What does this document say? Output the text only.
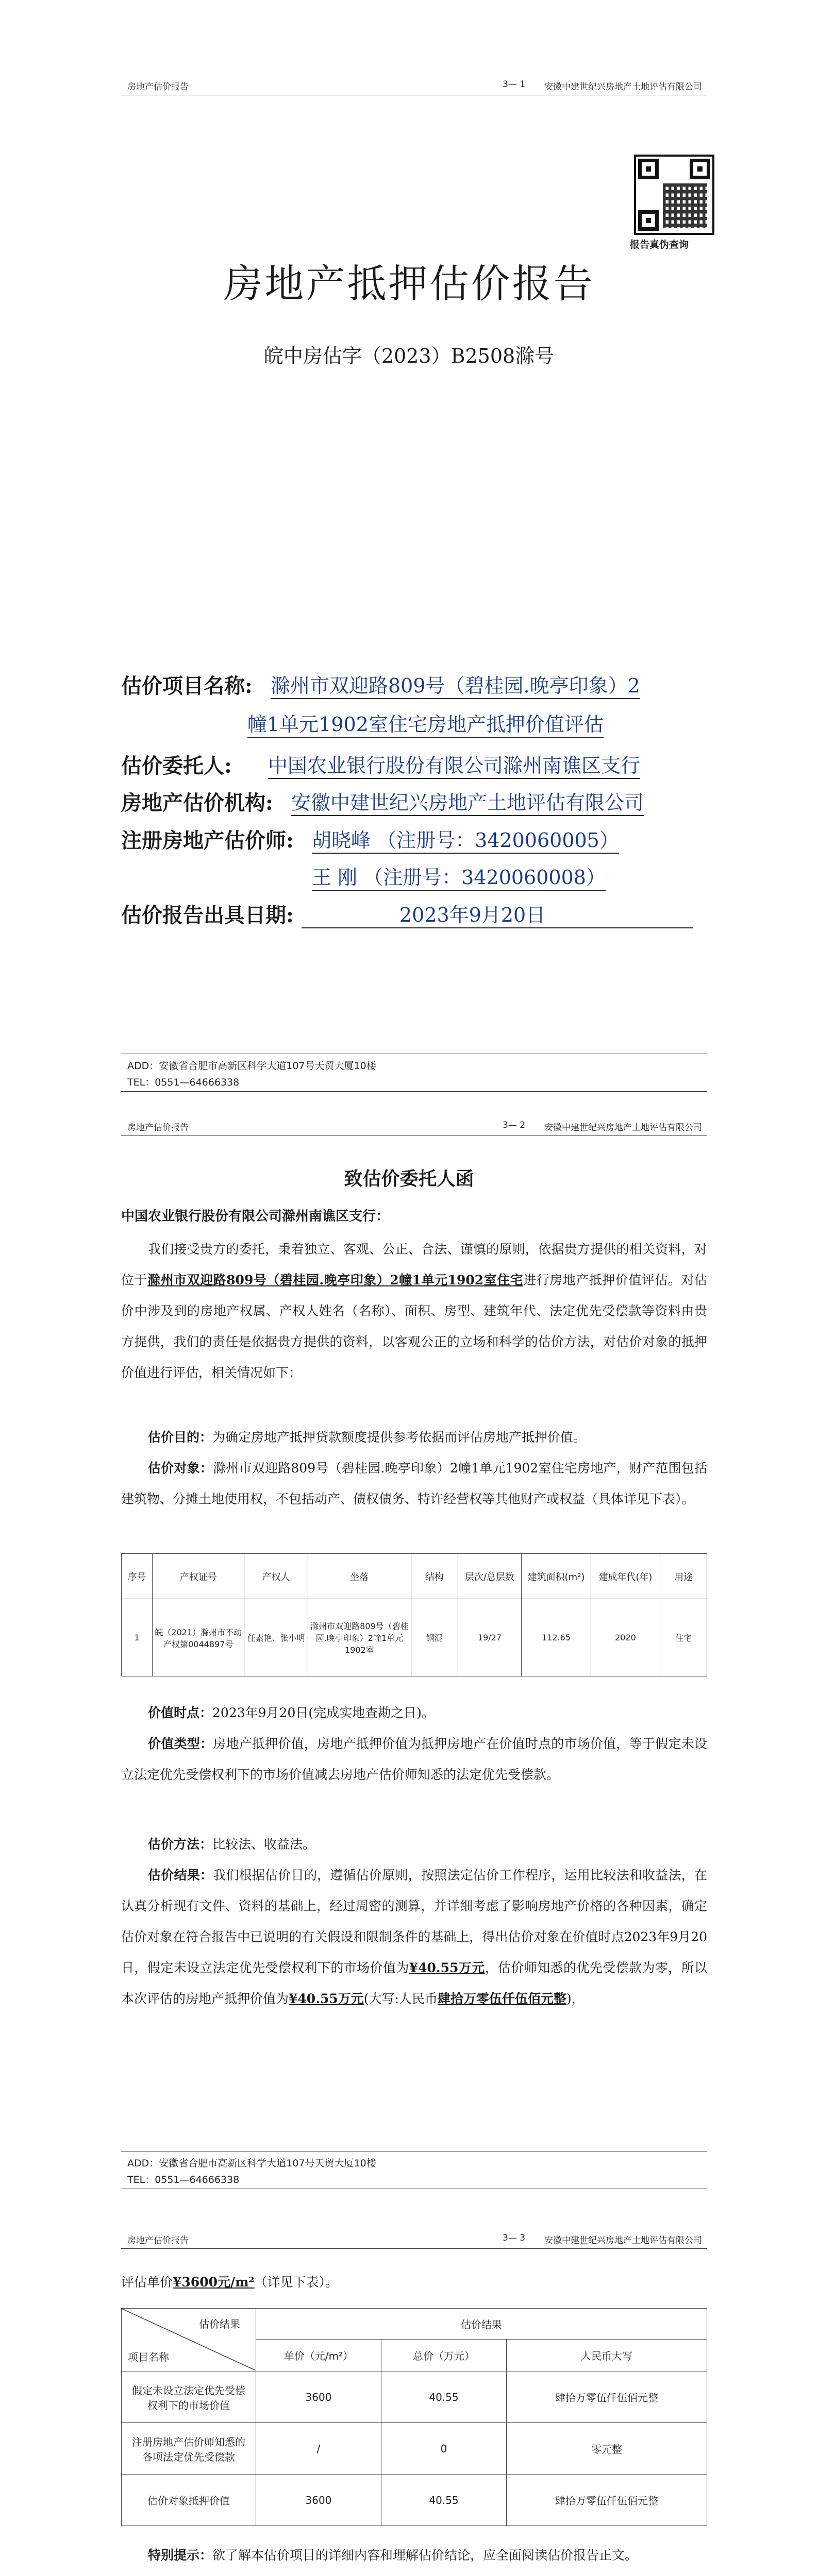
房地产估价报告	3— 1 安徽中建世纪兴房地产土地评估有限公司
报告真伪查询
房地产抵押估价报告
皖中房估字（2023）B2508滁号
估价项目名称: 滁州市双迎路809号（碧桂园.晚亭印象）2
幢1单元1902室住宅房地产抵押价值评估
估价委托人: 中国农业银行股份有限公司滁州南谯区支行
房地产估价机构: 安徽中建世纪兴房地产土地评估有限公司
注册房地产估价师: 胡晓峰 （注册号：3420060005）
王 刚 （注册号：3420060008）
估价报告出具日期:	2023年9月20日
ADD：安徽省合肥市高新区科学大道107号天贸大厦10楼
TEL：0551—64666338
房地产估价报告	3— 2 安徽中建世纪兴房地产土地评估有限公司
致估价委托人函
中国农业银行股份有限公司滁州南谯区支行：
我们接受贵方的委托，秉着独立、客观、公正、合法、谨慎的原则，依据贵方提供的相关资料，对位于滁州市双迎路809号（碧桂园.晚亭印象）2幢1单元1902室住宅进行房地产抵押价值评估。对估价中涉及到的房地产权属、产权人姓名（名称）、面积、房型、建筑年代、法定优先受偿款等资料由贵方提供，我们的责任是依据贵方提供的资料，以客观公正的立场和科学的估价方法，对估价对象的抵押价值进行评估，相关情况如下：
估价目的：为确定房地产抵押贷款额度提供参考依据而评估房地产抵押价值。
估价对象：滁州市双迎路809号（碧桂园.晚亭印象）2幢1单元1902室住宅房地产，财产范围包括建筑物、分摊土地使用权，不包括动产、债权债务、特许经营权等其他财产或权益（具体详见下表）。
序号	产权证号	产权人	坐落	结构	层次/总层数	建筑面积(m²)	建成年代(年)	用途
1	皖（2021）滁州市不动产权第0044897号	任素艳、张小明	滁州市双迎路809号（碧桂园.晚亭印象）2幢1单元1902室	钢混	19/27	112.65	2020	住宅
价值时点：2023年9月20日(完成实地查勘之日)。
价值类型：房地产抵押价值，房地产抵押价值为抵押房地产在价值时点的市场价值，等于假定未设立法定优先受偿权利下的市场价值减去房地产估价师知悉的法定优先受偿款。
估价方法：比较法、收益法。
估价结果：我们根据估价目的，遵循估价原则，按照法定估价工作程序，运用比较法和收益法，在认真分析现有文件、资料的基础上，经过周密的测算，并详细考虑了影响房地产价格的各种因素，确定估价对象在符合报告中已说明的有关假设和限制条件的基础上，得出估价对象在价值时点2023年9月20日，假定未设立法定优先受偿权利下的市场价值为¥40.55万元，估价师知悉的优先受偿款为零，所以本次评估的房地产抵押价值为¥40.55万元(大写:人民币肆拾万零伍仟伍佰元整)，
ADD：安徽省合肥市高新区科学大道107号天贸大厦10楼
TEL：0551—64666338
房地产估价报告	3— 3 安徽中建世纪兴房地产土地评估有限公司
评估单价¥3600元/m²（详见下表）。
估价结果
项目名称	估价结果		
	单价（元/m²）	总价（万元）	人民币大写
假定未设立法定优先受偿权利下的市场价值	3600	40.55	肆拾万零伍仟伍佰元整
注册房地产估价师知悉的各项法定优先受偿款	/	0	零元整
估价对象抵押价值	3600	40.55	肆拾万零伍仟伍佰元整
特别提示：欲了解本估价项目的详细内容和理解估价结论，应全面阅读估价报告正文。
